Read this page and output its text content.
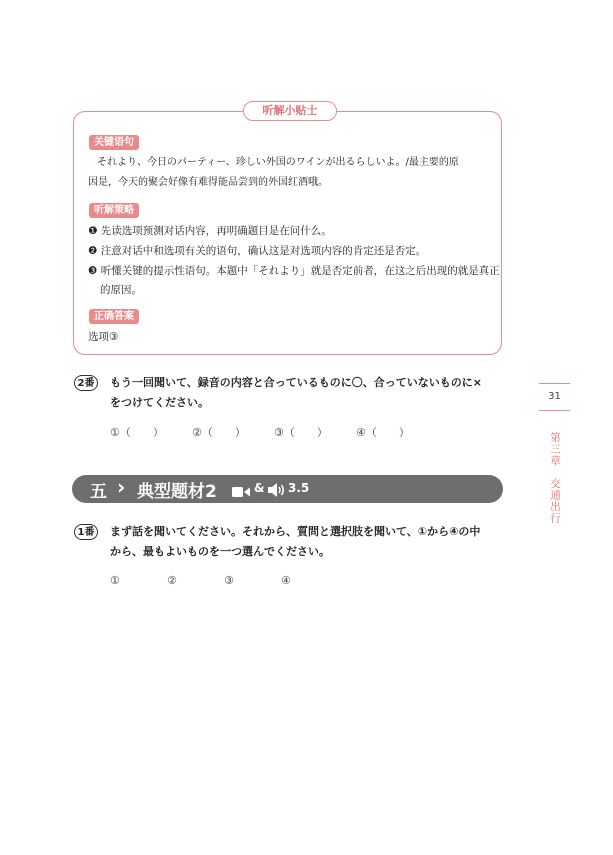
听解小贴士
关键语句
それより、今日のパーティー、珍しい外国のワインが出るらしいよ。/最主要的原
因是，今天的聚会好像有难得能品尝到的外国红酒哦。
听解策略
❶ 先读选项预测对话内容，再明确题目是在问什么。
❷ 注意对话中和选项有关的语句，确认这是对选项内容的肯定还是否定。
❸ 听懂关键的提示性语句。本题中「それより」就是否定前者，在这之后出现的就是真正
的原因。
正确答案
选项③
2番	もう一回聞いて、録音の内容と合っているものに〇、合っていないものに×
をつけてください。
①（　　）	②（　　）	③（　　）	④（　　）
五 › 典型题材2	& 3.5
1番	まず話を聞いてください。それから、質問と選択肢を聞いて、①から④の中
から、最もよいものを一つ選んでください。
①	②	③	④
31
第三章　交通出行
